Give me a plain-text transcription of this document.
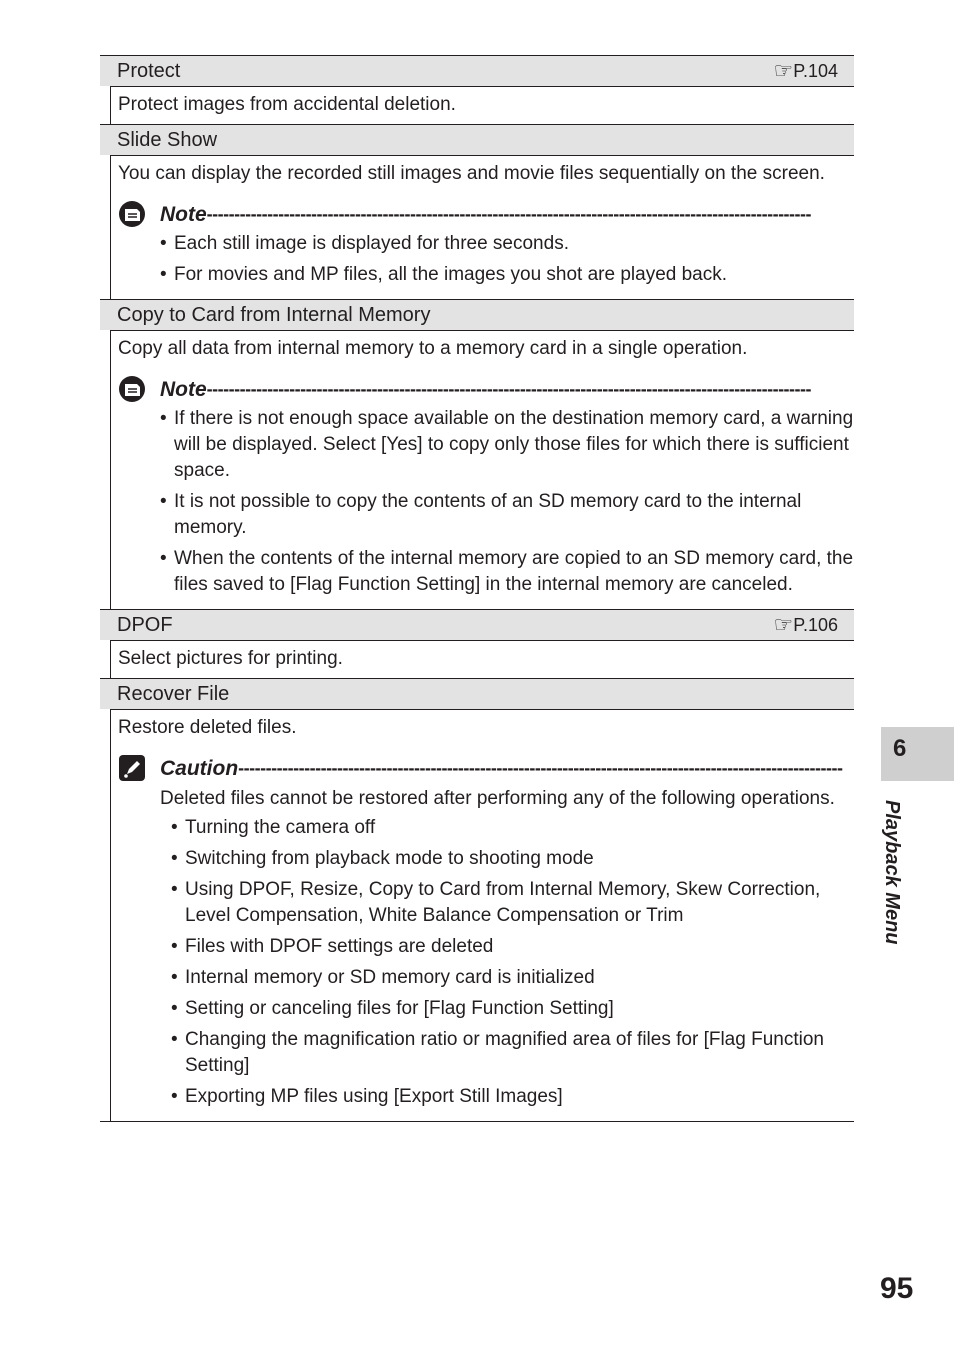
Protect	☞ P.104
Protect images from accidental deletion.
Slide Show
You can display the recorded still images and movie files sequentially on the screen.
Note --------------------------------------------------------------------------------------------------------------
• Each still image is displayed for three seconds.
• For movies and MP files, all the images you shot are played back.
Copy to Card from Internal Memory
Copy all data from internal memory to a memory card in a single operation.
Note --------------------------------------------------------------------------------------------------------------
• If there is not enough space available on the destination memory card, a warning will be displayed. Select [Yes] to copy only those files for which there is sufficient space.
• It is not possible to copy the contents of an SD memory card to the internal memory.
• When the contents of the internal memory are copied to an SD memory card, the files saved to [Flag Function Setting] in the internal memory are canceled.
DPOF	☞ P.106
Select pictures for printing.
Recover File
Restore deleted files.
Caution --------------------------------------------------------------------------------------------------------------
Deleted files cannot be restored after performing any of the following operations.
• Turning the camera off
• Switching from playback mode to shooting mode
• Using DPOF, Resize, Copy to Card from Internal Memory, Skew Correction, Level Compensation, White Balance Compensation or Trim
• Files with DPOF settings are deleted
• Internal memory or SD memory card is initialized
• Setting or canceling files for [Flag Function Setting]
• Changing the magnification ratio or magnified area of files for [Flag Function Setting]
• Exporting MP files using [Export Still Images]
6
Playback Menu
95
